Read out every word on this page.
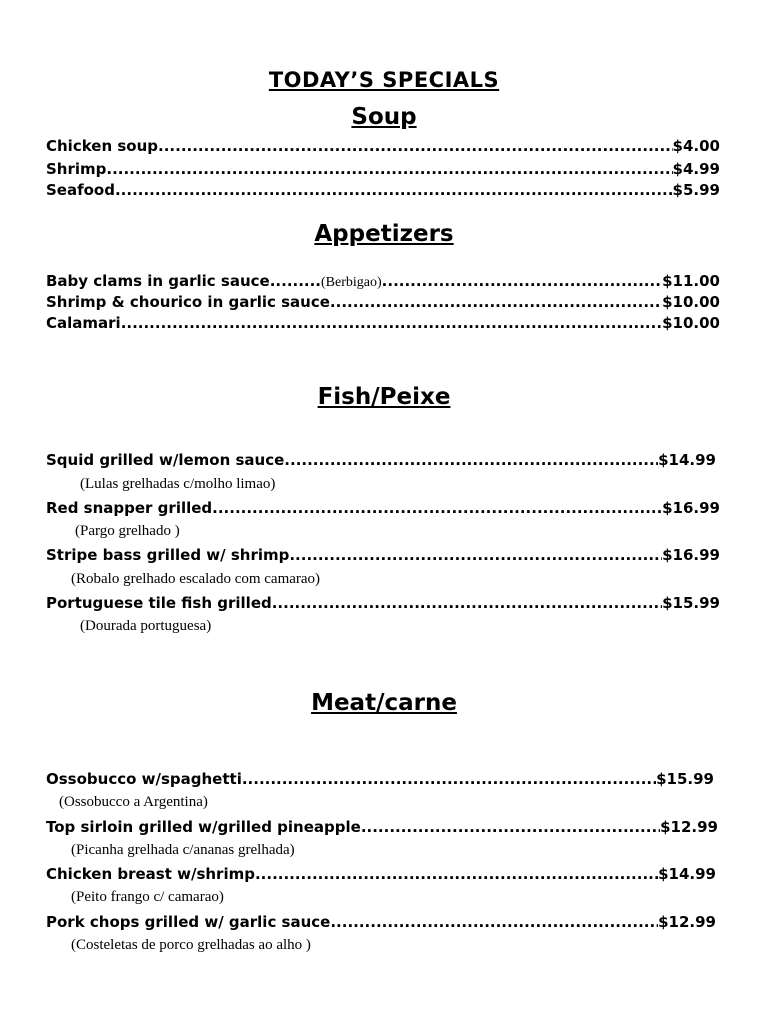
TODAY’S SPECIALS
Soup
Chicken soup .....	$4.00
Shrimp .....	$4.99
Seafood .....	$5.99
Appetizers
Baby clams in garlic sauce......... (Berbigao) .....	$11.00
Shrimp & chourico in garlic sauce .....	$10.00
Calamari .....	$10.00
Fish/Peixe
Squid grilled w/lemon sauce .....	$14.99
(Lulas grelhadas c/molho limao)
Red snapper grilled .....	$16.99
(Pargo grelhado )
Stripe bass grilled w/ shrimp .....	$16.99
(Robalo grelhado escalado com camarao)
Portuguese tile fish grilled .....	$15.99
(Dourada portuguesa)
Meat/carne
Ossobucco w/spaghetti .....	$15.99
(Ossobucco a Argentina)
Top sirloin grilled w/grilled pineapple .....	$12.99
(Picanha grelhada c/ananas grelhada)
Chicken breast w/shrimp .....	$14.99
(Peito frango c/ camarao)
Pork chops grilled w/ garlic sauce .....	$12.99
(Costeletas de porco grelhadas ao alho )
